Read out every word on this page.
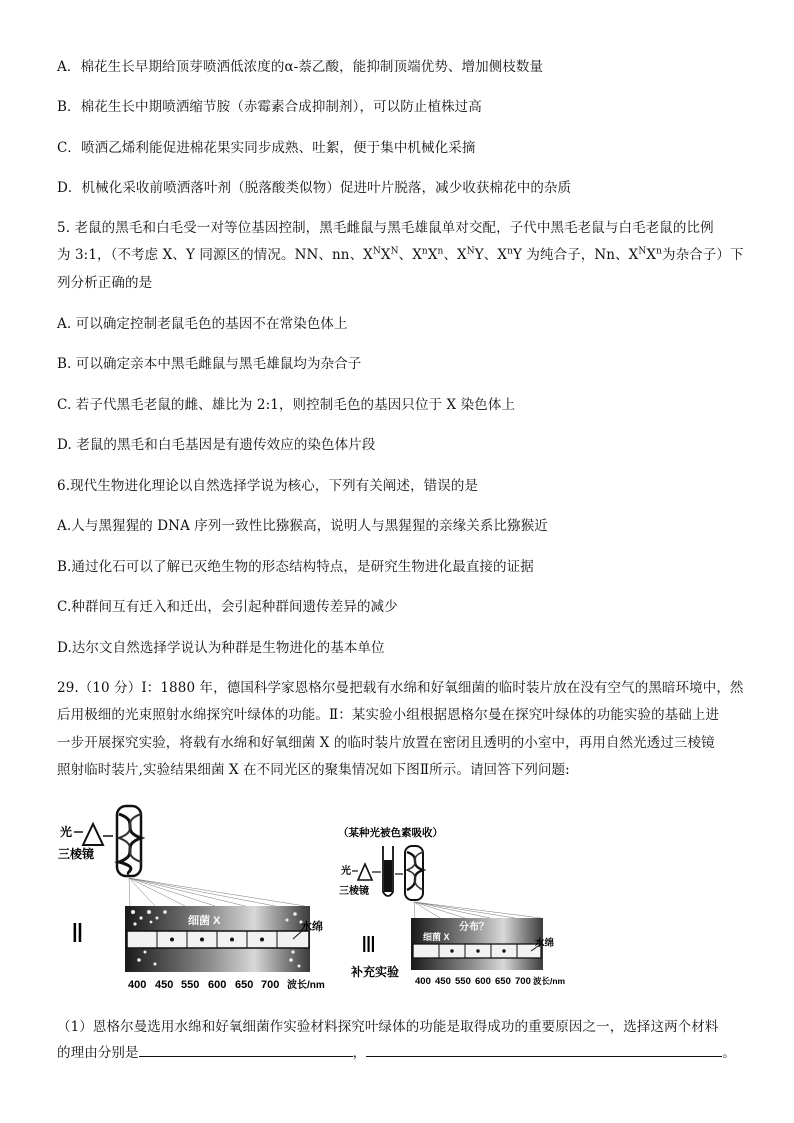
A．棉花生长早期给顶芽喷洒低浓度的α-萘乙酸，能抑制顶端优势、增加侧枝数量
B．棉花生长中期喷洒缩节胺（赤霉素合成抑制剂），可以防止植株过高
C．喷洒乙烯利能促进棉花果实同步成熟、吐絮，便于集中机械化采摘
D．机械化采收前喷洒落叶剂（脱落酸类似物）促进叶片脱落，减少收获棉花中的杂质
5. 老鼠的黑毛和白毛受一对等位基因控制，黑毛雌鼠与黑毛雄鼠单对交配，子代中黑毛老鼠与白毛老鼠的比例
为 3:1，（不考虑 X、Y 同源区的情况。NN、nn、$X^NX^N$、$X^nX^n$、$X^NY$、$X^nY$ 为纯合子，Nn、$X^NX^n$为杂合子）下
列分析正确的是
A. 可以确定控制老鼠毛色的基因不在常染色体上
B. 可以确定亲本中黑毛雌鼠与黑毛雄鼠均为杂合子
C. 若子代黑毛老鼠的雌、雄比为 2:1，则控制毛色的基因只位于 X 染色体上
D. 老鼠的黑毛和白毛基因是有遗传效应的染色体片段
6.现代生物进化理论以自然选择学说为核心，下列有关阐述，错误的是
A.人与黑猩猩的 DNA 序列一致性比猕猴高，说明人与黑猩猩的亲缘关系比猕猴近
B.通过化石可以了解已灭绝生物的形态结构特点，是研究生物进化最直接的证据
C.种群间互有迁入和迁出，会引起种群间遗传差异的减少
D.达尔文自然选择学说认为种群是生物进化的基本单位
29.（10 分）Ⅰ：1880 年，德国科学家恩格尔曼把载有水绵和好氧细菌的临时装片放在没有空气的黑暗环境中，然
后用极细的光束照射水绵探究叶绿体的功能。Ⅱ：某实验小组根据恩格尔曼在探究叶绿体的功能实验的基础上进
一步开展探究实验，将载有水绵和好氧细菌 X 的临时装片放置在密闭且透明的小室中，再用自然光透过三棱镜
照射临时装片,实验结果细菌 X 在不同光区的聚集情况如下图Ⅱ所示。请回答下列问题:
光
三棱镜
Ⅱ	细菌 X	水绵
400 450 550 600 650 700 波长/nm
（某种光被色素吸收）
光
三棱镜
Ⅲ
补充实验
分布？
细菌 X
水绵
400 450 550 600 650 700 波长/nm
（1）恩格尔曼选用水绵和好氧细菌作实验材料探究叶绿体的功能是取得成功的重要原因之一，选择这两个材料
的理由分别是	，	。
